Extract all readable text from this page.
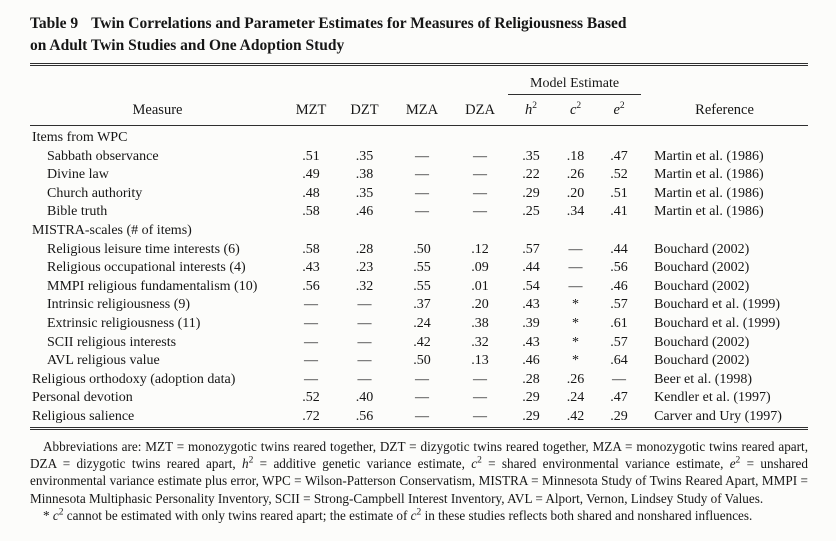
Table 9 Twin Correlations and Parameter Estimates for Measures of Religiousness Based
on Adult Twin Studies and One Adoption Study
					Model Estimate			
Measure	MZT	DZT	MZA	DZA	$h^2$	$c^2$	$e^2$	Reference
Items from WPC								
Sabbath observance	.51	.35	—	—	.35	.18	.47	Martin et al. (1986)
Divine law	.49	.38	—	—	.22	.26	.52	Martin et al. (1986)
Church authority	.48	.35	—	—	.29	.20	.51	Martin et al. (1986)
Bible truth	.58	.46	—	—	.25	.34	.41	Martin et al. (1986)
MISTRA-scales (# of items)								
Religious leisure time interests (6)	.58	.28	.50	.12	.57	—	.44	Bouchard (2002)
Religious occupational interests (4)	.43	.23	.55	.09	.44	—	.56	Bouchard (2002)
MMPI religious fundamentalism (10)	.56	.32	.55	.01	.54	—	.46	Bouchard (2002)
Intrinsic religiousness (9)	—	—	.37	.20	.43	*	.57	Bouchard et al. (1999)
Extrinsic religiousness (11)	—	—	.24	.38	.39	*	.61	Bouchard et al. (1999)
SCII religious interests	—	—	.42	.32	.43	*	.57	Bouchard (2002)
AVL religious value	—	—	.50	.13	.46	*	.64	Bouchard (2002)
Religious orthodoxy (adoption data)	—	—	—	—	.28	.26	—	Beer et al. (1998)
Personal devotion	.52	.40	—	—	.29	.24	.47	Kendler et al. (1997)
Religious salience	.72	.56	—	—	.29	.42	.29	Carver and Ury (1997)

Abbreviations are: MZT = monozygotic twins reared together, DZT = dizygotic twins reared together, MZA = monozygotic twins reared apart, DZA = dizygotic twins reared apart, $h^2$ = additive genetic variance estimate, $c^2$ = shared environmental variance estimate, $e^2$ = unshared environmental variance estimate plus error, WPC = Wilson-Patterson Conservatism, MISTRA = Minnesota Study of Twins Reared Apart, MMPI = Minnesota Multiphasic Personality Inventory, SCII = Strong-Campbell Interest Inventory, AVL = Alport, Vernon, Lindsey Study of Values.

* $c^2$ cannot be estimated with only twins reared apart; the estimate of $c^2$ in these studies reflects both shared and nonshared influences.
